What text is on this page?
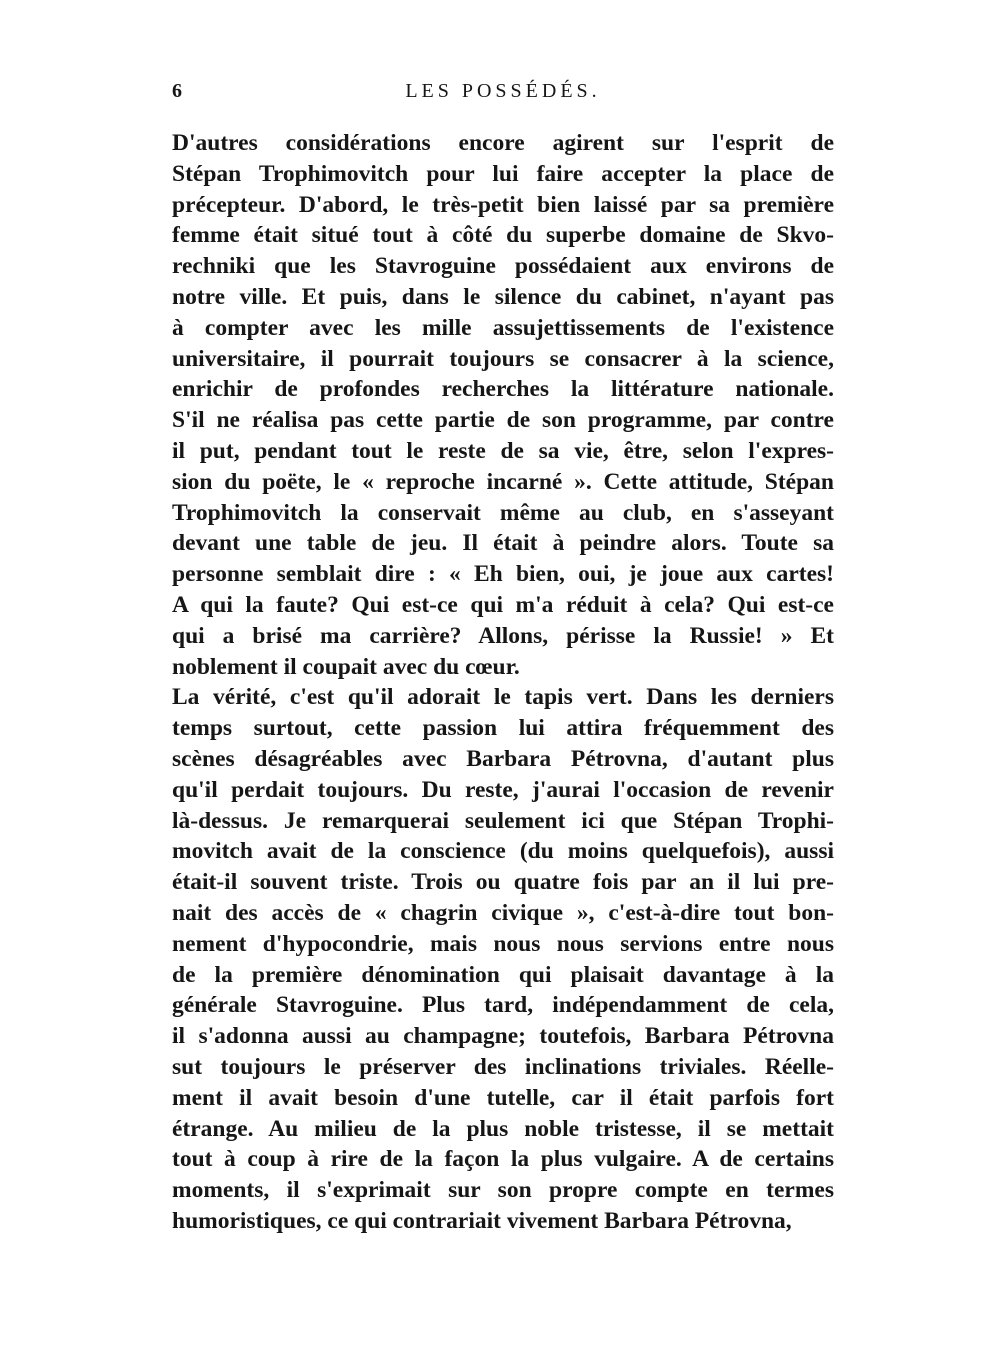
6	LES POSSÉDÉS.
D'autres considérations encore agirent sur l'esprit de
Stépan Trophimovitch pour lui faire accepter la place de
précepteur. D'abord, le très-petit bien laissé par sa première
femme était situé tout à côté du superbe domaine de Skvo-
rechniki que les Stavroguine possédaient aux environs de
notre ville. Et puis, dans le silence du cabinet, n'ayant pas
à compter avec les mille assujettissements de l'existence
universitaire, il pourrait toujours se consacrer à la science,
enrichir de profondes recherches la littérature nationale.
S'il ne réalisa pas cette partie de son programme, par contre
il put, pendant tout le reste de sa vie, être, selon l'expres-
sion du poëte, le « reproche incarné ». Cette attitude, Stépan
Trophimovitch la conservait même au club, en s'asseyant
devant une table de jeu. Il était à peindre alors. Toute sa
personne semblait dire : « Eh bien, oui, je joue aux cartes!
A qui la faute? Qui est-ce qui m'a réduit à cela? Qui est-ce
qui a brisé ma carrière? Allons, périsse la Russie! » Et
noblement il coupait avec du cœur.
La vérité, c'est qu'il adorait le tapis vert. Dans les derniers
temps surtout, cette passion lui attira fréquemment des
scènes désagréables avec Barbara Pétrovna, d'autant plus
qu'il perdait toujours. Du reste, j'aurai l'occasion de revenir
là-dessus. Je remarquerai seulement ici que Stépan Trophi-
movitch avait de la conscience (du moins quelquefois), aussi
était-il souvent triste. Trois ou quatre fois par an il lui pre-
nait des accès de « chagrin civique », c'est-à-dire tout bon-
nement d'hypocondrie, mais nous nous servions entre nous
de la première dénomination qui plaisait davantage à la
générale Stavroguine. Plus tard, indépendamment de cela,
il s'adonna aussi au champagne; toutefois, Barbara Pétrovna
sut toujours le préserver des inclinations triviales. Réelle-
ment il avait besoin d'une tutelle, car il était parfois fort
étrange. Au milieu de la plus noble tristesse, il se mettait
tout à coup à rire de la façon la plus vulgaire. A de certains
moments, il s'exprimait sur son propre compte en termes
humoristiques, ce qui contrariait vivement Barbara Pétrovna,
